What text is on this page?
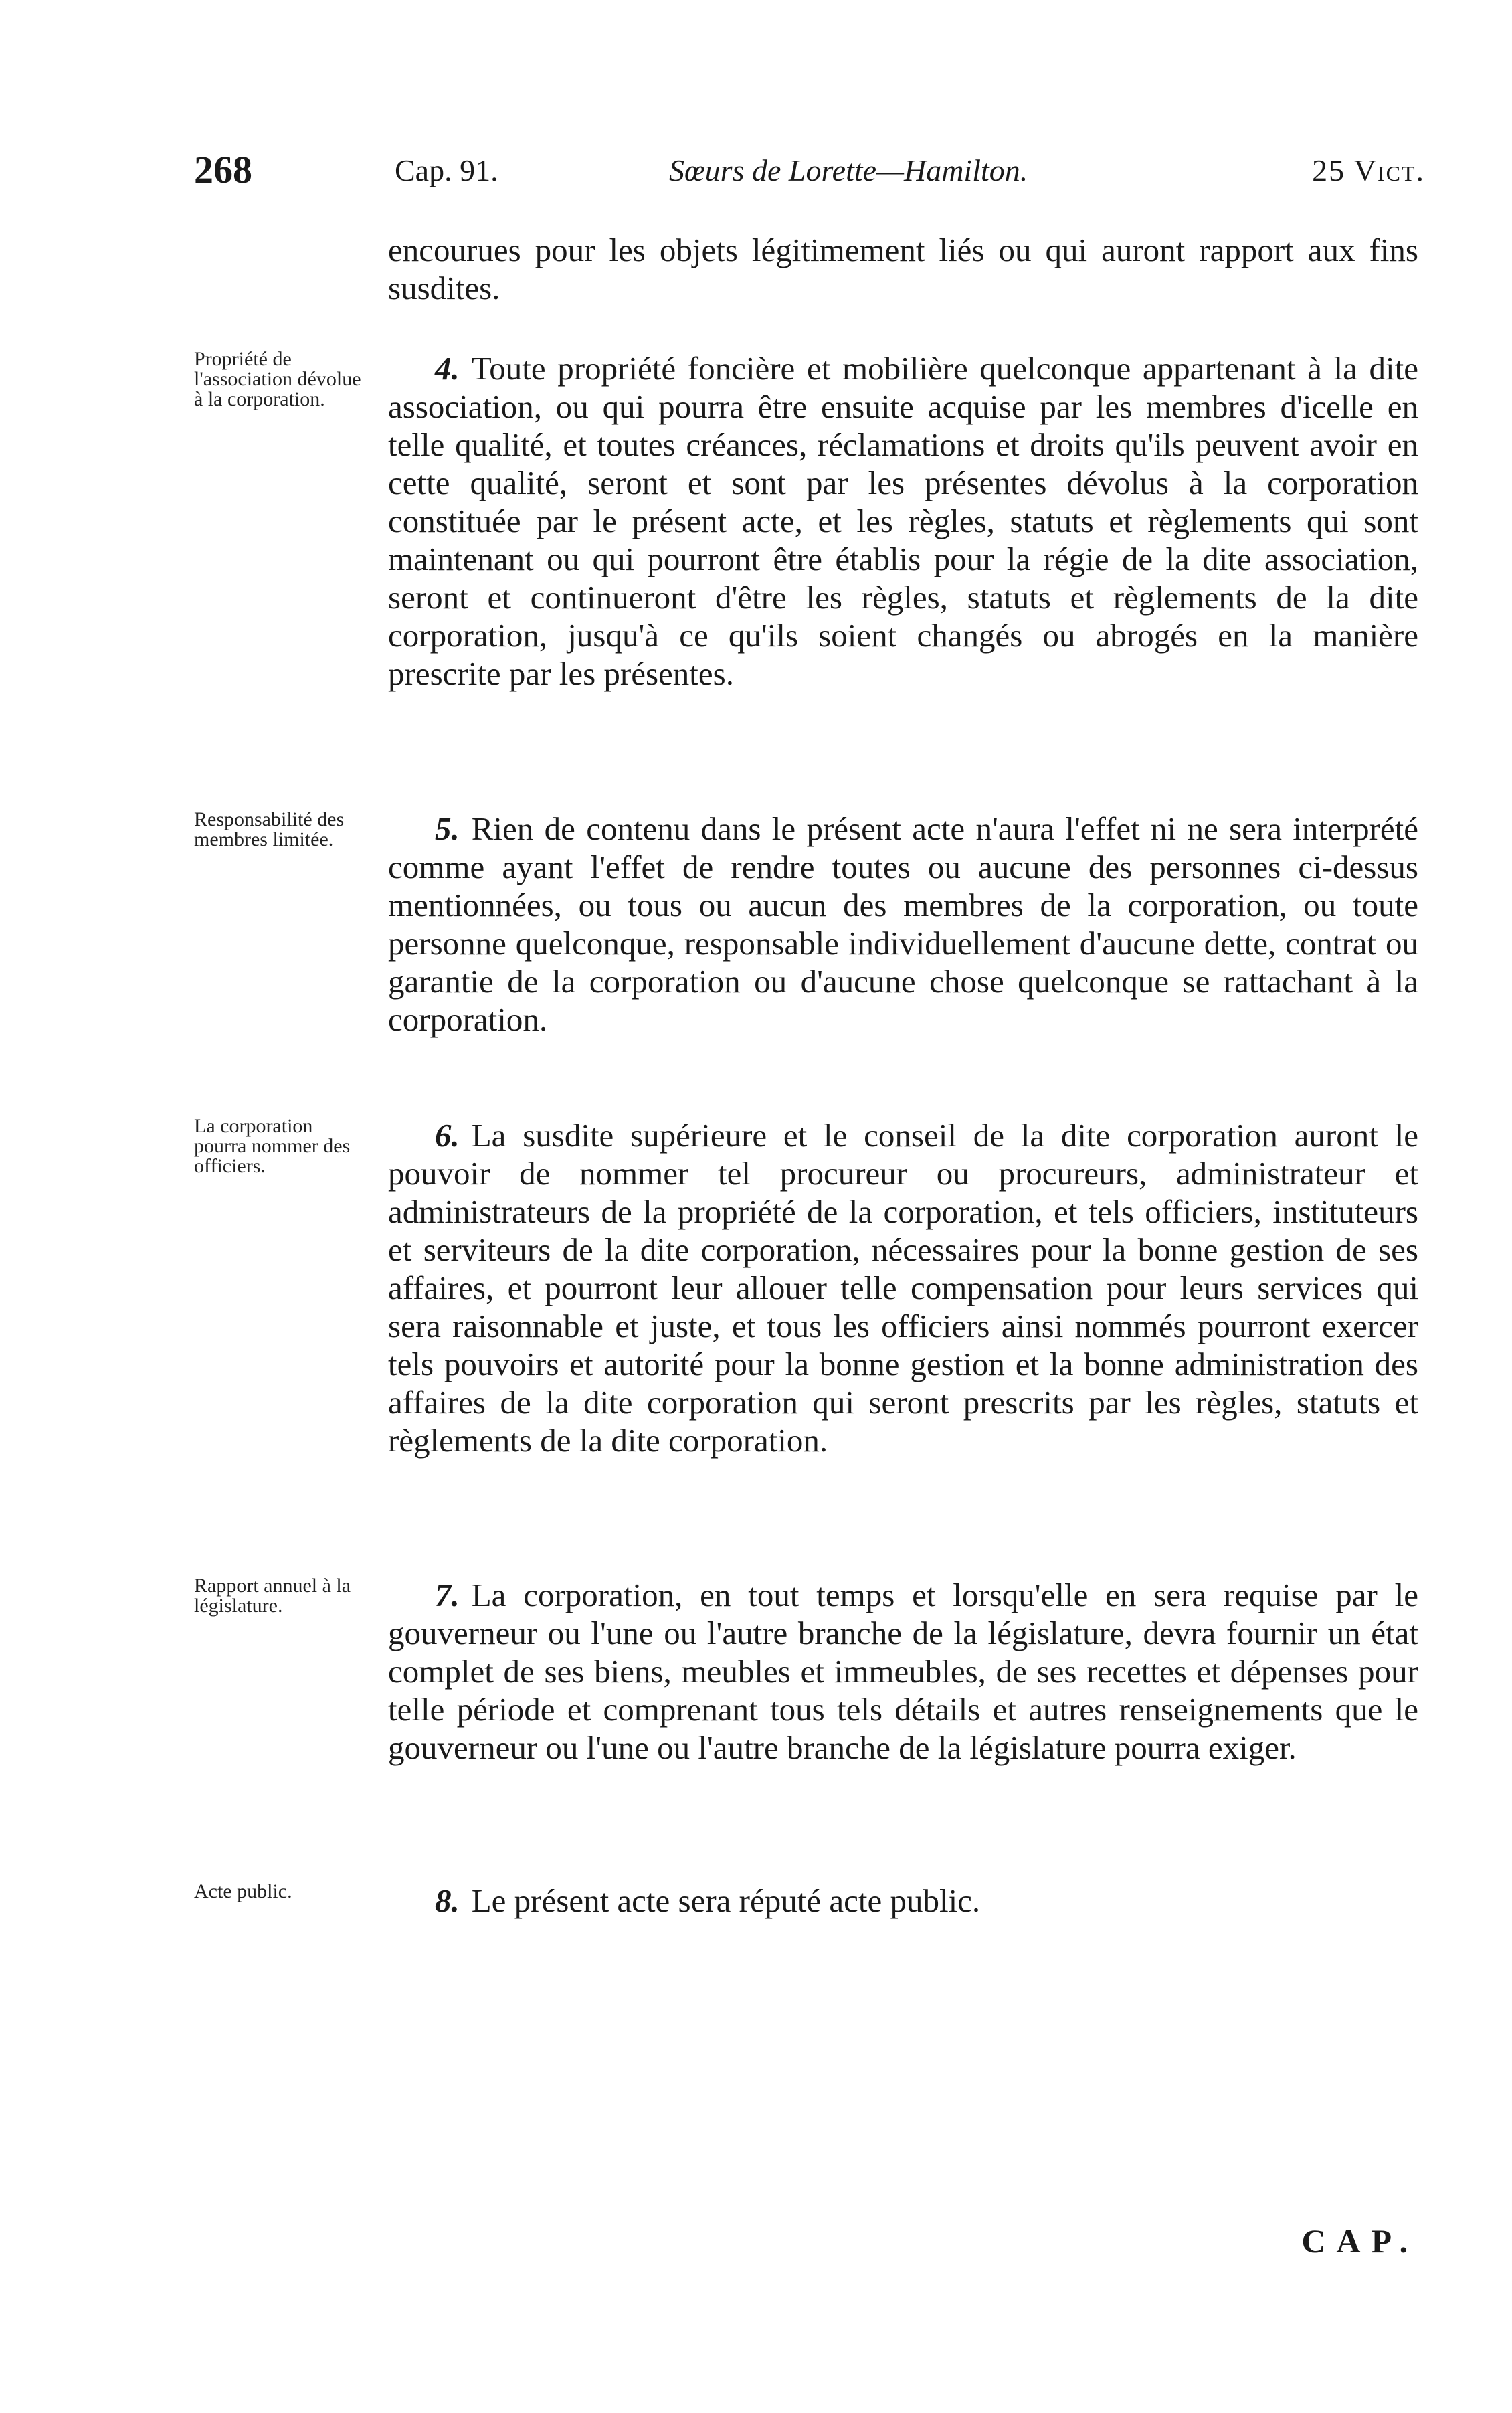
268	Cap. 91.	Sœurs de Lorette—Hamilton.	25 Vict.
encourues pour les objets légitimement liés ou qui auront rapport aux fins susdites.
Propriété de l'association dévolue à la corporation.
4. Toute propriété foncière et mobilière quelconque appartenant à la dite association, ou qui pourra être ensuite acquise par les membres d'icelle en telle qualité, et toutes créances, réclamations et droits qu'ils peuvent avoir en cette qualité, seront et sont par les présentes dévolus à la corporation constituée par le présent acte, et les règles, statuts et règlements qui sont maintenant ou qui pourront être établis pour la régie de la dite association, seront et continueront d'être les règles, statuts et règlements de la dite corporation, jusqu'à ce qu'ils soient changés ou abrogés en la manière prescrite par les présentes.
Responsabilité des membres limitée.	5. Rien de contenu dans le présent acte n'aura l'effet ni ne sera interprété comme ayant l'effet de rendre toutes ou aucune des personnes ci-dessus mentionnées, ou tous ou aucun des membres de la corporation, ou toute personne quelconque, responsable individuellement d'aucune dette, contrat ou garantie de la corporation ou d'aucune chose quelconque se rattachant à la corporation.
La corporation pourra nommer des officiers.
6. La susdite supérieure et le conseil de la dite corporation auront le pouvoir de nommer tel procureur ou procureurs, administrateur et administrateurs de la propriété de la corporation, et tels officiers, instituteurs et serviteurs de la dite corporation, nécessaires pour la bonne gestion de ses affaires, et pourront leur allouer telle compensation pour leurs services qui sera raisonnable et juste, et tous les officiers ainsi nommés pourront exercer tels pouvoirs et autorité pour la bonne gestion et la bonne administration des affaires de la dite corporation qui seront prescrits par les règles, statuts et règlements de la dite corporation.
Rapport annuel à la législature.	7. La corporation, en tout temps et lorsqu'elle en sera requise par le gouverneur ou l'une ou l'autre branche de la législature, devra fournir un état complet de ses biens, meubles et immeubles, de ses recettes et dépenses pour telle période et comprenant tous tels détails et autres renseignements que le gouverneur ou l'une ou l'autre branche de la législature pourra exiger.
Acte public.	8. Le présent acte sera réputé acte public.
CAP.
